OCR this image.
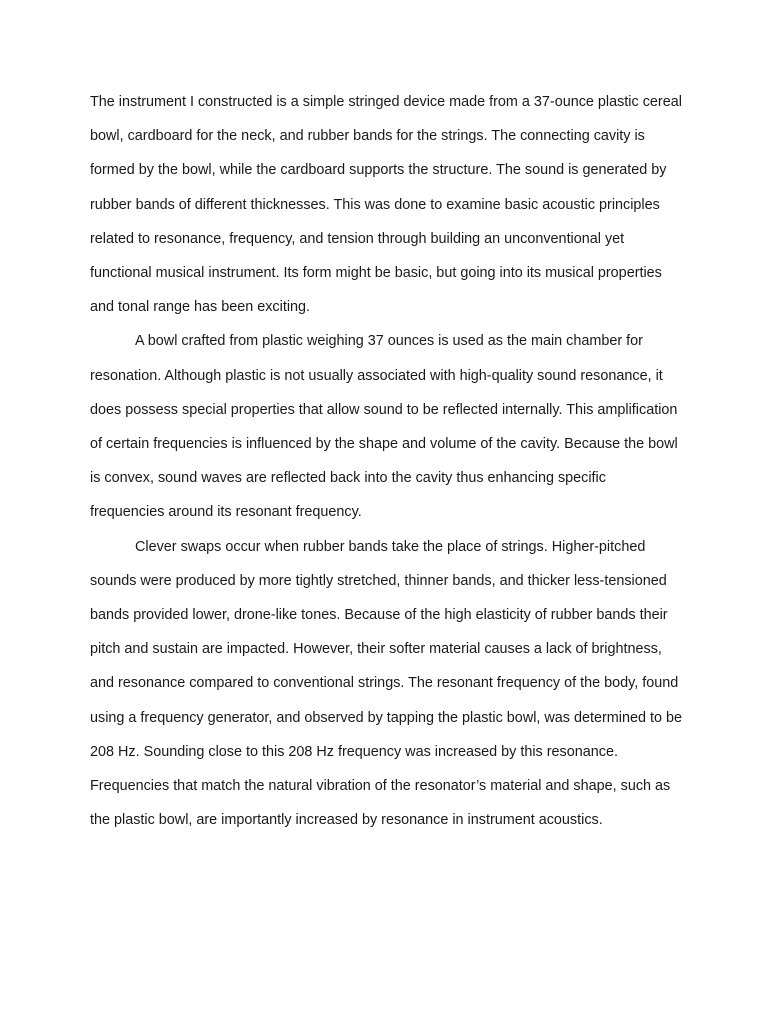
The instrument I constructed is a simple stringed device made from a 37-ounce plastic cereal bowl, cardboard for the neck, and rubber bands for the strings. The connecting cavity is formed by the bowl, while the cardboard supports the structure. The sound is generated by rubber bands of different thicknesses. This was done to examine basic acoustic principles related to resonance, frequency, and tension through building an unconventional yet functional musical instrument. Its form might be basic, but going into its musical properties and tonal range has been exciting.

A bowl crafted from plastic weighing 37 ounces is used as the main chamber for resonation. Although plastic is not usually associated with high-quality sound resonance, it does possess special properties that allow sound to be reflected internally. This amplification of certain frequencies is influenced by the shape and volume of the cavity. Because the bowl is convex, sound waves are reflected back into the cavity thus enhancing specific frequencies around its resonant frequency.

Clever swaps occur when rubber bands take the place of strings. Higher-pitched sounds were produced by more tightly stretched, thinner bands, and thicker less-tensioned bands provided lower, drone-like tones. Because of the high elasticity of rubber bands their pitch and sustain are impacted. However, their softer material causes a lack of brightness, and resonance compared to conventional strings. The resonant frequency of the body, found using a frequency generator, and observed by tapping the plastic bowl, was determined to be 208 Hz. Sounding close to this 208 Hz frequency was increased by this resonance. Frequencies that match the natural vibration of the resonator’s material and shape, such as the plastic bowl, are importantly increased by resonance in instrument acoustics.
